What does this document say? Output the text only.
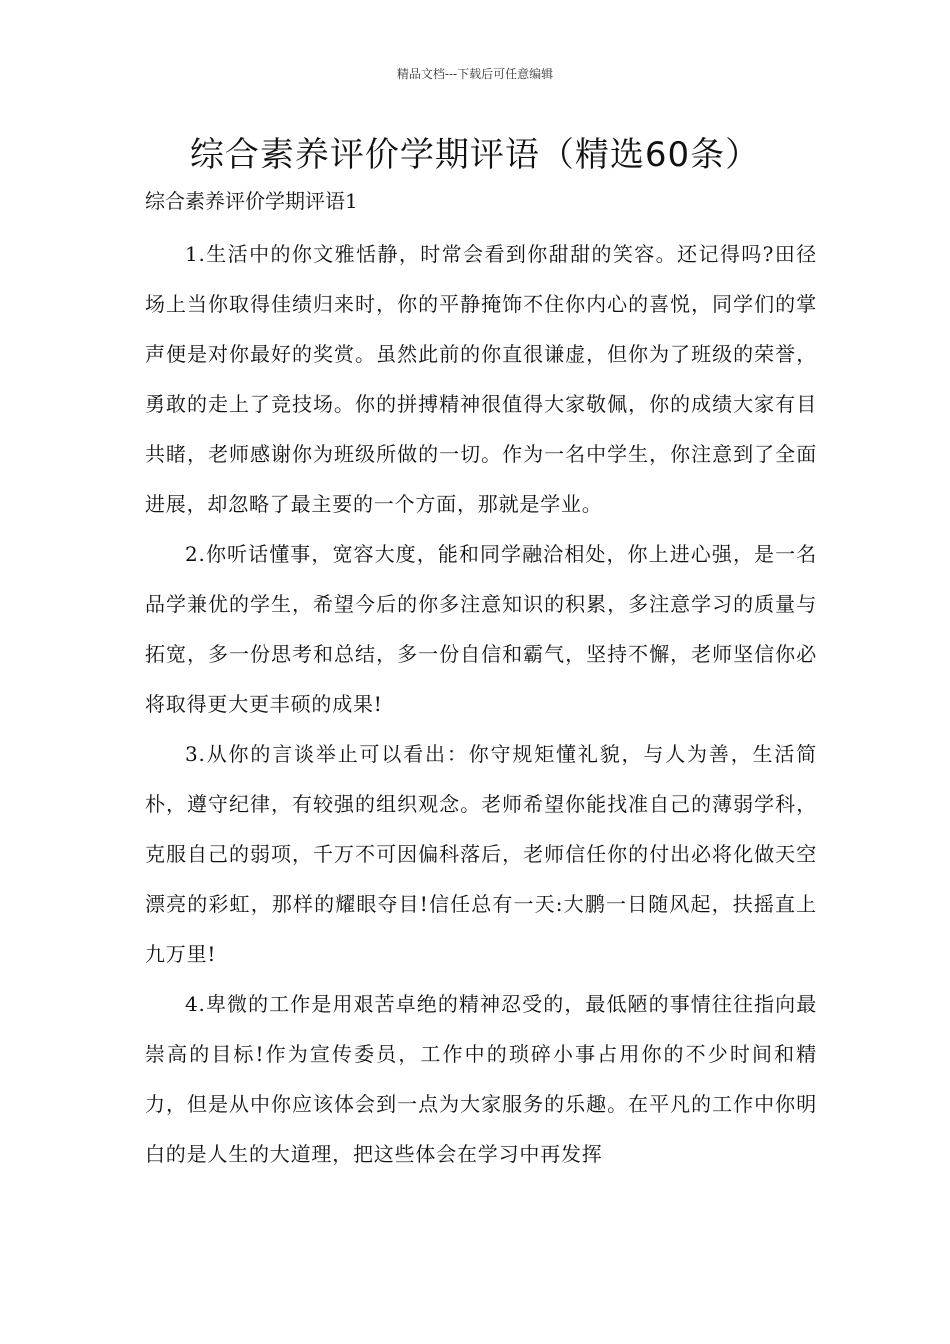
精品文档---下载后可任意编辑
综合素养评价学期评语（精选60条）
综合素养评价学期评语1

1.生活中的你文雅恬静，时常会看到你甜甜的笑容。还记得吗?田径场上当你取得佳绩归来时，你的平静掩饰不住你内心的喜悦，同学们的掌声便是对你最好的奖赏。虽然此前的你直很谦虚，但你为了班级的荣誉，勇敢的走上了竞技场。你的拼搏精神很值得大家敬佩，你的成绩大家有目共睹，老师感谢你为班级所做的一切。作为一名中学生，你注意到了全面进展，却忽略了最主要的一个方面，那就是学业。

2.你听话懂事，宽容大度，能和同学融洽相处，你上进心强，是一名品学兼优的学生，希望今后的你多注意知识的积累，多注意学习的质量与拓宽，多一份思考和总结，多一份自信和霸气，坚持不懈，老师坚信你必将取得更大更丰硕的成果!

3.从你的言谈举止可以看出：你守规矩懂礼貌，与人为善，生活简朴，遵守纪律，有较强的组织观念。老师希望你能找准自己的薄弱学科，克服自己的弱项，千万不可因偏科落后，老师信任你的付出必将化做天空漂亮的彩虹，那样的耀眼夺目!信任总有一天:大鹏一日随风起，扶摇直上九万里!

4.卑微的工作是用艰苦卓绝的精神忍受的，最低陋的事情往往指向最崇高的目标!作为宣传委员，工作中的琐碎小事占用你的不少时间和精力，但是从中你应该体会到一点为大家服务的乐趣。在平凡的工作中你明白的是人生的大道理，把这些体会在学习中再发挥
